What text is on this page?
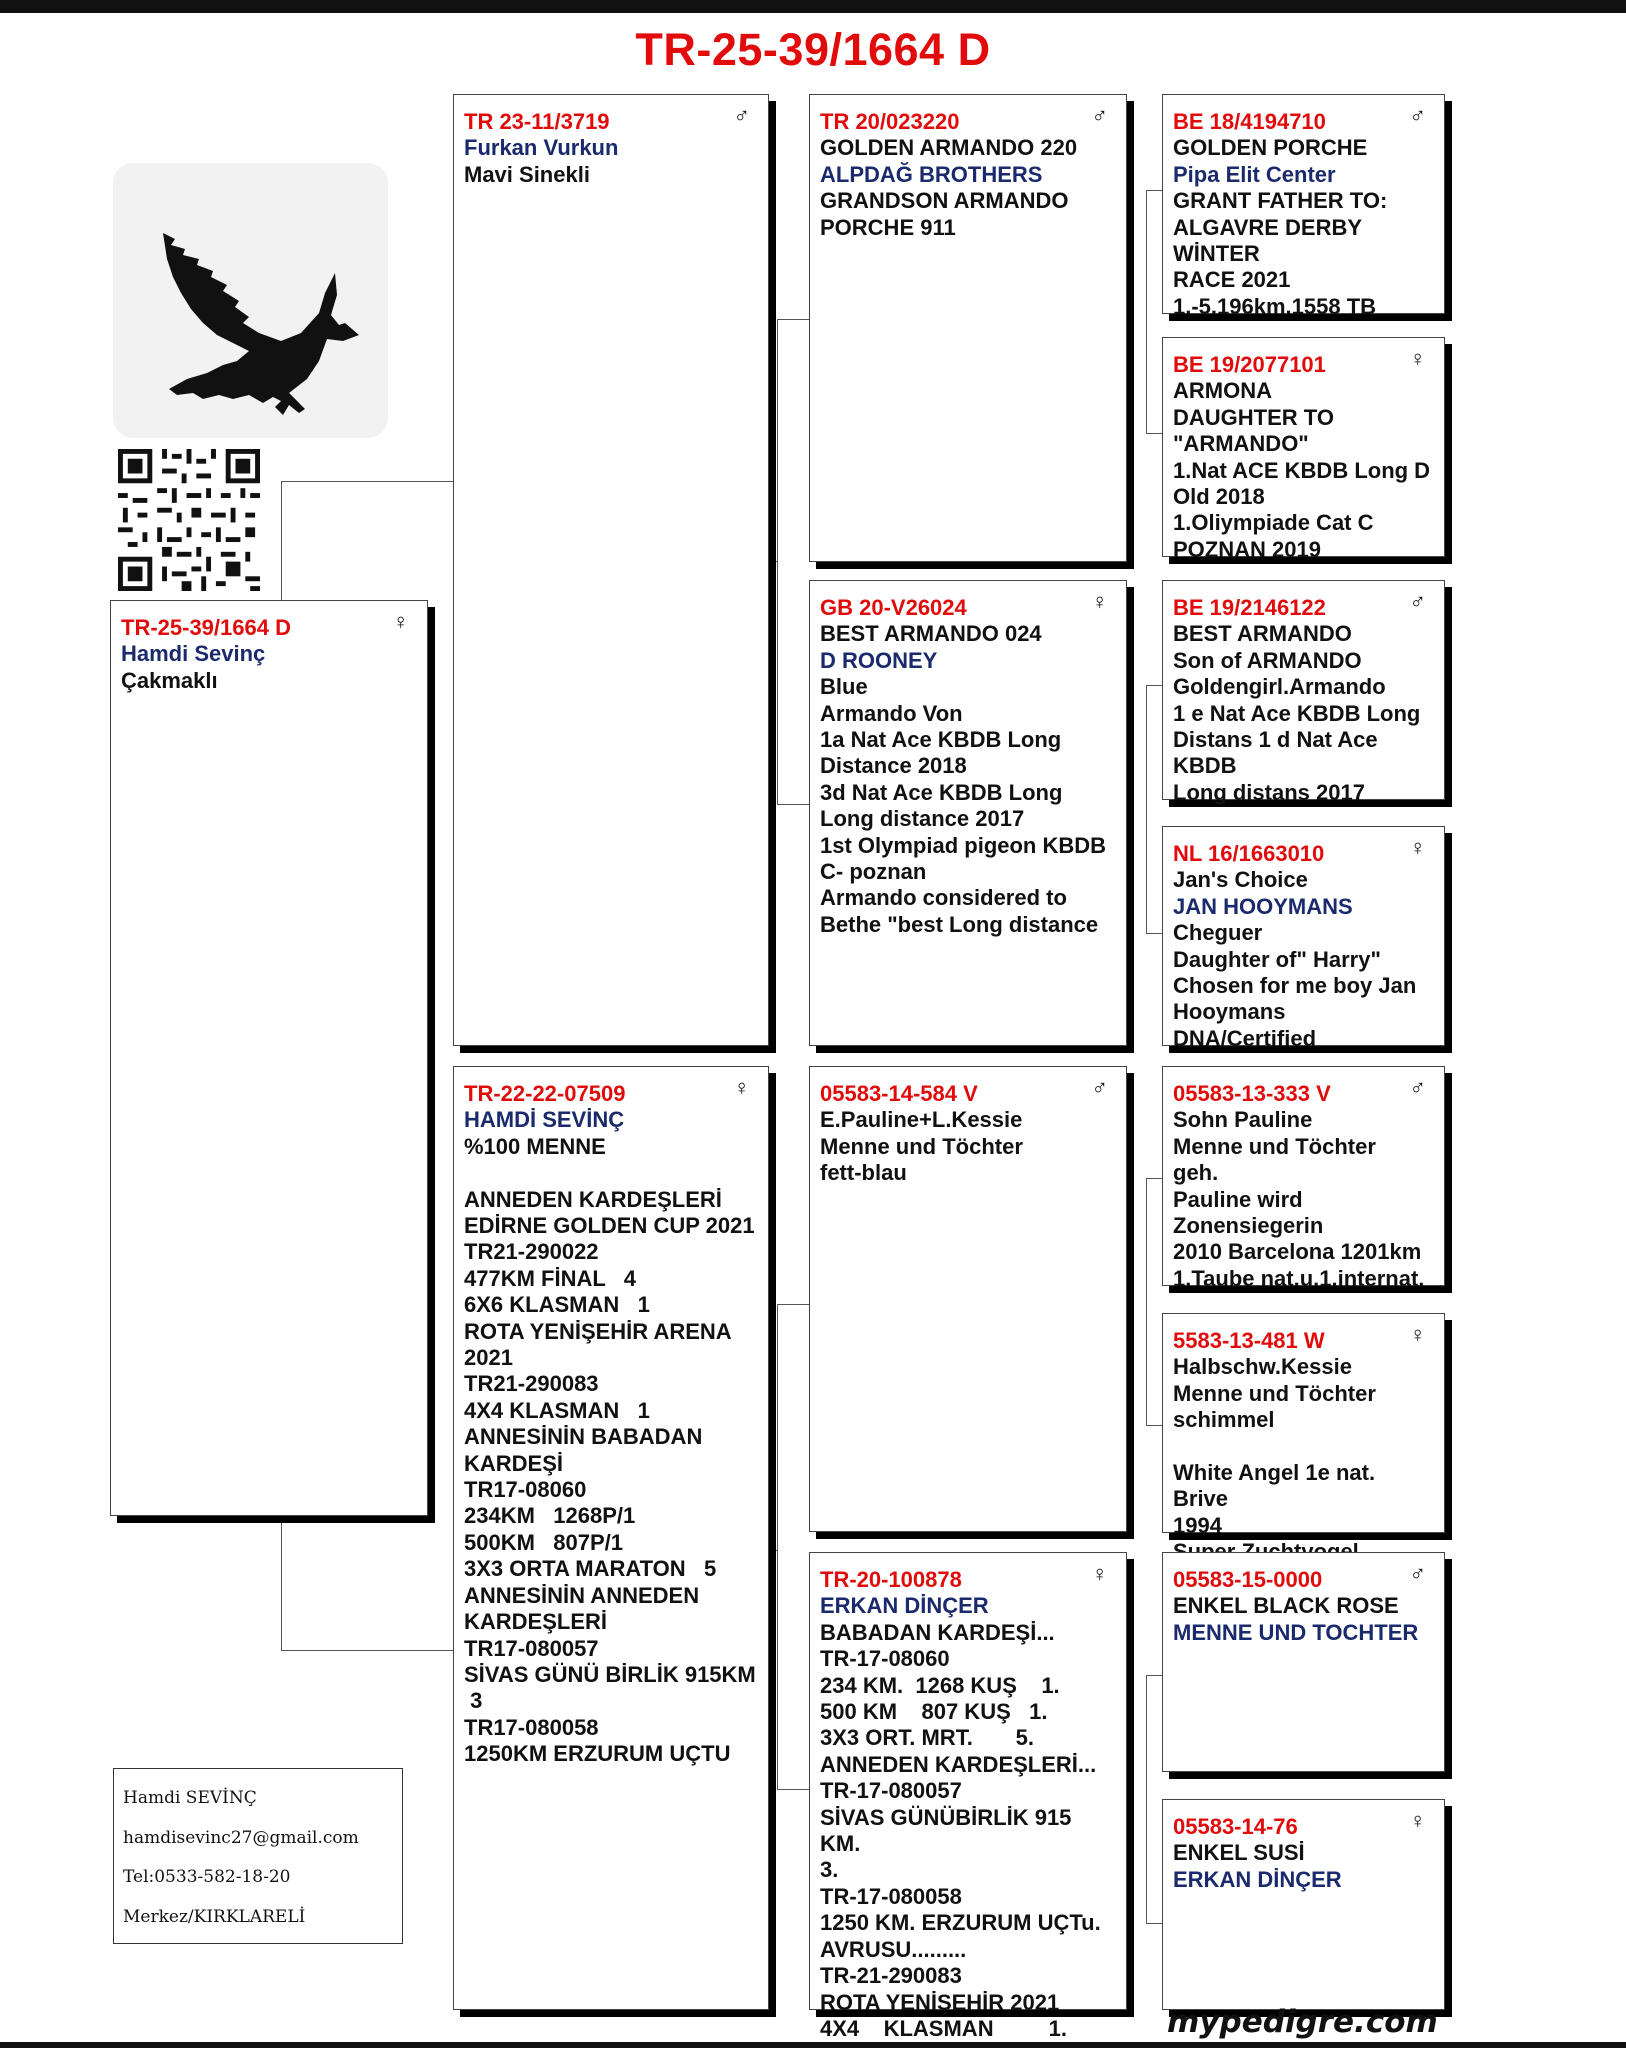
TR-25-39/1664 D
♀
TR-25-39/1664 D
Hamdi Sevinç
Çakmaklı
♂
TR 23-11/3719
Furkan Vurkun
Mavi Sinekli
♀
TR-22-22-07509
HAMDİ SEVİNÇ
%100 MENNE
ANNEDEN KARDEŞLERİ
EDİRNE GOLDEN CUP 2021
TR21-290022
477KM FİNAL   4
6X6 KLASMAN   1
ROTA YENİŞEHİR ARENA
2021
TR21-290083
4X4 KLASMAN   1
ANNESİNİN BABADAN
KARDEŞİ
TR17-08060
234KM   1268P/1
500KM   807P/1
3X3 ORTA MARATON   5
ANNESİNİN ANNEDEN
KARDEŞLERİ
TR17-080057
SİVAS GÜNÜ BİRLİK 915KM
3
TR17-080058
1250KM ERZURUM UÇTU
♂
TR 20/023220
GOLDEN ARMANDO 220
ALPDAĞ BROTHERS
GRANDSON ARMANDO
PORCHE 911
♀
GB 20-V26024
BEST ARMANDO 024
D ROONEY
Blue
Armando Von
1a Nat Ace KBDB Long
Distance 2018
3d Nat Ace KBDB Long
Long distance 2017
1st Olympiad pigeon KBDB
C- poznan
Armando considered to
Bethe "best Long distance
♂
05583-14-584 V
E.Pauline+L.Kessie
Menne und Töchter
fett-blau
♀
TR-20-100878
ERKAN DİNÇER
BABADAN KARDEŞİ...
TR-17-08060
234 KM.  1268 KUŞ    1.
500 KM    807 KUŞ   1.
3X3 ORT. MRT.       5.
ANNEDEN KARDEŞLERİ...
TR-17-080057
SİVAS GÜNÜBİRLİK 915 KM.
3.
TR-17-080058
1250 KM. ERZURUM UÇTu.
AVRUSU.........
TR-21-290083
ROTA YENİŞEHİR 2021
4X4    KLASMAN         1.
♂
BE 18/4194710
GOLDEN PORCHE
Pipa Elit Center
GRANT FATHER TO:
ALGAVRE DERBY
WİNTER
RACE 2021
1.-5.196km.1558 TB
♀
BE 19/2077101
ARMONA
DAUGHTER TO
"ARMANDO"
1.Nat ACE KBDB Long D
Old 2018
1.Oliympiade Cat C
POZNAN 2019
♂
BE 19/2146122
BEST ARMANDO
Son of ARMANDO
Goldengirl.Armando
1 e Nat Ace KBDB Long
Distans 1 d Nat Ace
KBDB
Long distans 2017
♀
NL 16/1663010
Jan's Choice
JAN HOOYMANS
Cheguer
Daughter of" Harry"
Chosen for me boy Jan
Hooymans
DNA/Certified
♂
05583-13-333 V
Sohn Pauline
Menne und Töchter
geh.
Pauline wird
Zonensiegerin
2010 Barcelona 1201km
1.Taube nat.u.1.internat.
♀
5583-13-481 W
Halbschw.Kessie
Menne und Töchter
schimmel
White Angel 1e nat. Brive
1994
♂
05583-15-0000
ENKEL BLACK ROSE
MENNE UND TOCHTER
♀
05583-14-76
ENKEL SUSİ
ERKAN DİNÇER
Hamdi SEVİNÇ
hamdisevinc27@gmail.com
Tel:0533-582-18-20
Merkez/KIRKLARELİ
mypedigre.com
